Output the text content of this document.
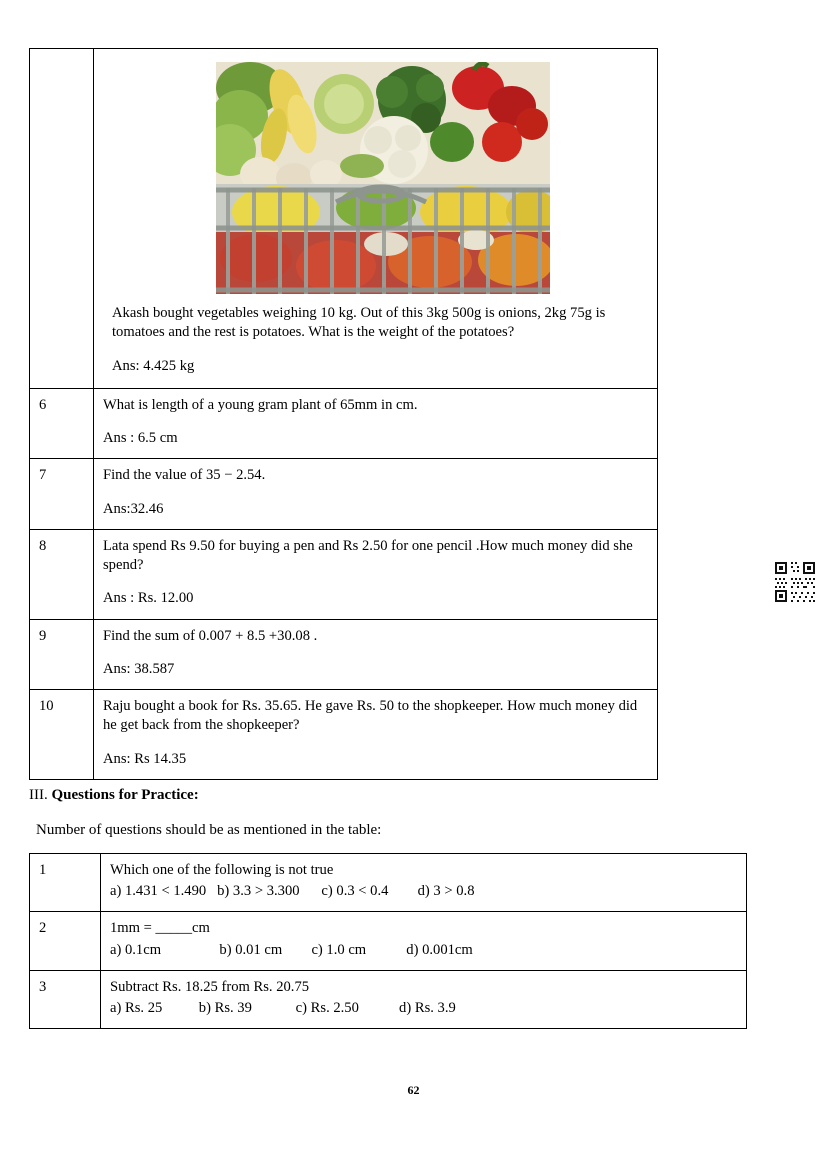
	Akash bought vegetables weighing 10 kg. Out of this 3kg 500g is onions, 2kg 75g is tomatoes and the rest is potatoes. What is the weight of the potatoes?

Ans: 4.425 kg

6	What is length of a young gram plant of 65mm in cm.

Ans : 6.5 cm

7	Find the value of 35 − 2.54.

Ans:32.46

8	Lata spend Rs 9.50 for buying a pen and Rs 2.50 for one pencil .How much money did she spend?

Ans : Rs. 12.00

9	Find the sum of 0.007 + 8.5 +30.08 .

Ans: 38.587

10	Raju bought a book for Rs. 35.65. He gave Rs. 50 to the shopkeeper. How much money did he get back from the shopkeeper?

Ans: Rs 14.35

III. Questions for Practice:

Number of questions should be as mentioned in the table:

1	Which one of the following is not true

a) 1.431 < 1.490   b) 3.3 > 3.300      c) 0.3 < 0.4        d) 3 > 0.8

2	1mm = _____cm

a) 0.1cm                b) 0.01 cm        c) 1.0 cm           d) 0.001cm

3	Subtract Rs. 18.25 from Rs. 20.75

a) Rs. 25          b) Rs. 39            c) Rs. 2.50           d) Rs. 3.9

62
